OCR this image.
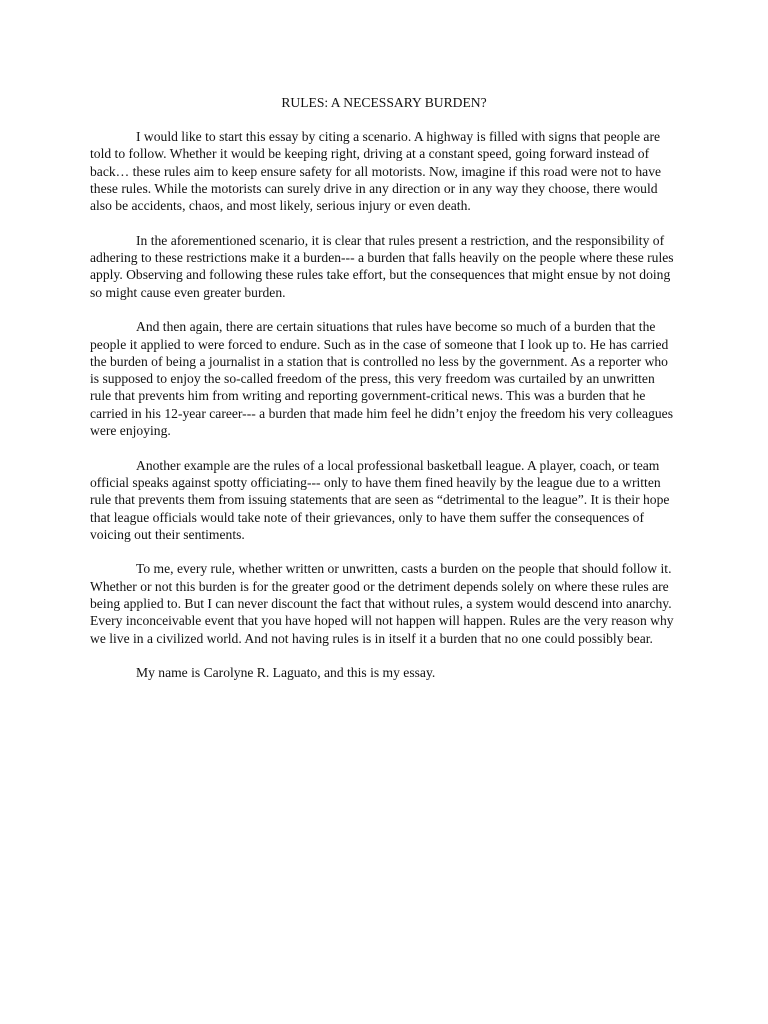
RULES: A NECESSARY BURDEN?

I would like to start this essay by citing a scenario. A highway is filled with signs that people are told to follow. Whether it would be keeping right, driving at a constant speed, going forward instead of back… these rules aim to keep ensure safety for all motorists. Now, imagine if this road were not to have these rules. While the motorists can surely drive in any direction or in any way they choose, there would also be accidents, chaos, and most likely, serious injury or even death.

In the aforementioned scenario, it is clear that rules present a restriction, and the responsibility of adhering to these restrictions make it a burden--- a burden that falls heavily on the people where these rules apply. Observing and following these rules take effort, but the consequences that might ensue by not doing so might cause even greater burden.

And then again, there are certain situations that rules have become so much of a burden that the people it applied to were forced to endure. Such as in the case of someone that I look up to. He has carried the burden of being a journalist in a station that is controlled no less by the government. As a reporter who is supposed to enjoy the so-called freedom of the press, this very freedom was curtailed by an unwritten rule that prevents him from writing and reporting government-critical news. This was a burden that he carried in his 12-year career--- a burden that made him feel he didn’t enjoy the freedom his very colleagues were enjoying.

Another example are the rules of a local professional basketball league. A player, coach, or team official speaks against spotty officiating--- only to have them fined heavily by the league due to a written rule that prevents them from issuing statements that are seen as “detrimental to the league”. It is their hope that league officials would take note of their grievances, only to have them suffer the consequences of voicing out their sentiments.

To me, every rule, whether written or unwritten, casts a burden on the people that should follow it. Whether or not this burden is for the greater good or the detriment depends solely on where these rules are being applied to. But I can never discount the fact that without rules, a system would descend into anarchy. Every inconceivable event that you have hoped will not happen will happen. Rules are the very reason why we live in a civilized world. And not having rules is in itself it a burden that no one could possibly bear.

My name is Carolyne R. Laguato, and this is my essay.
